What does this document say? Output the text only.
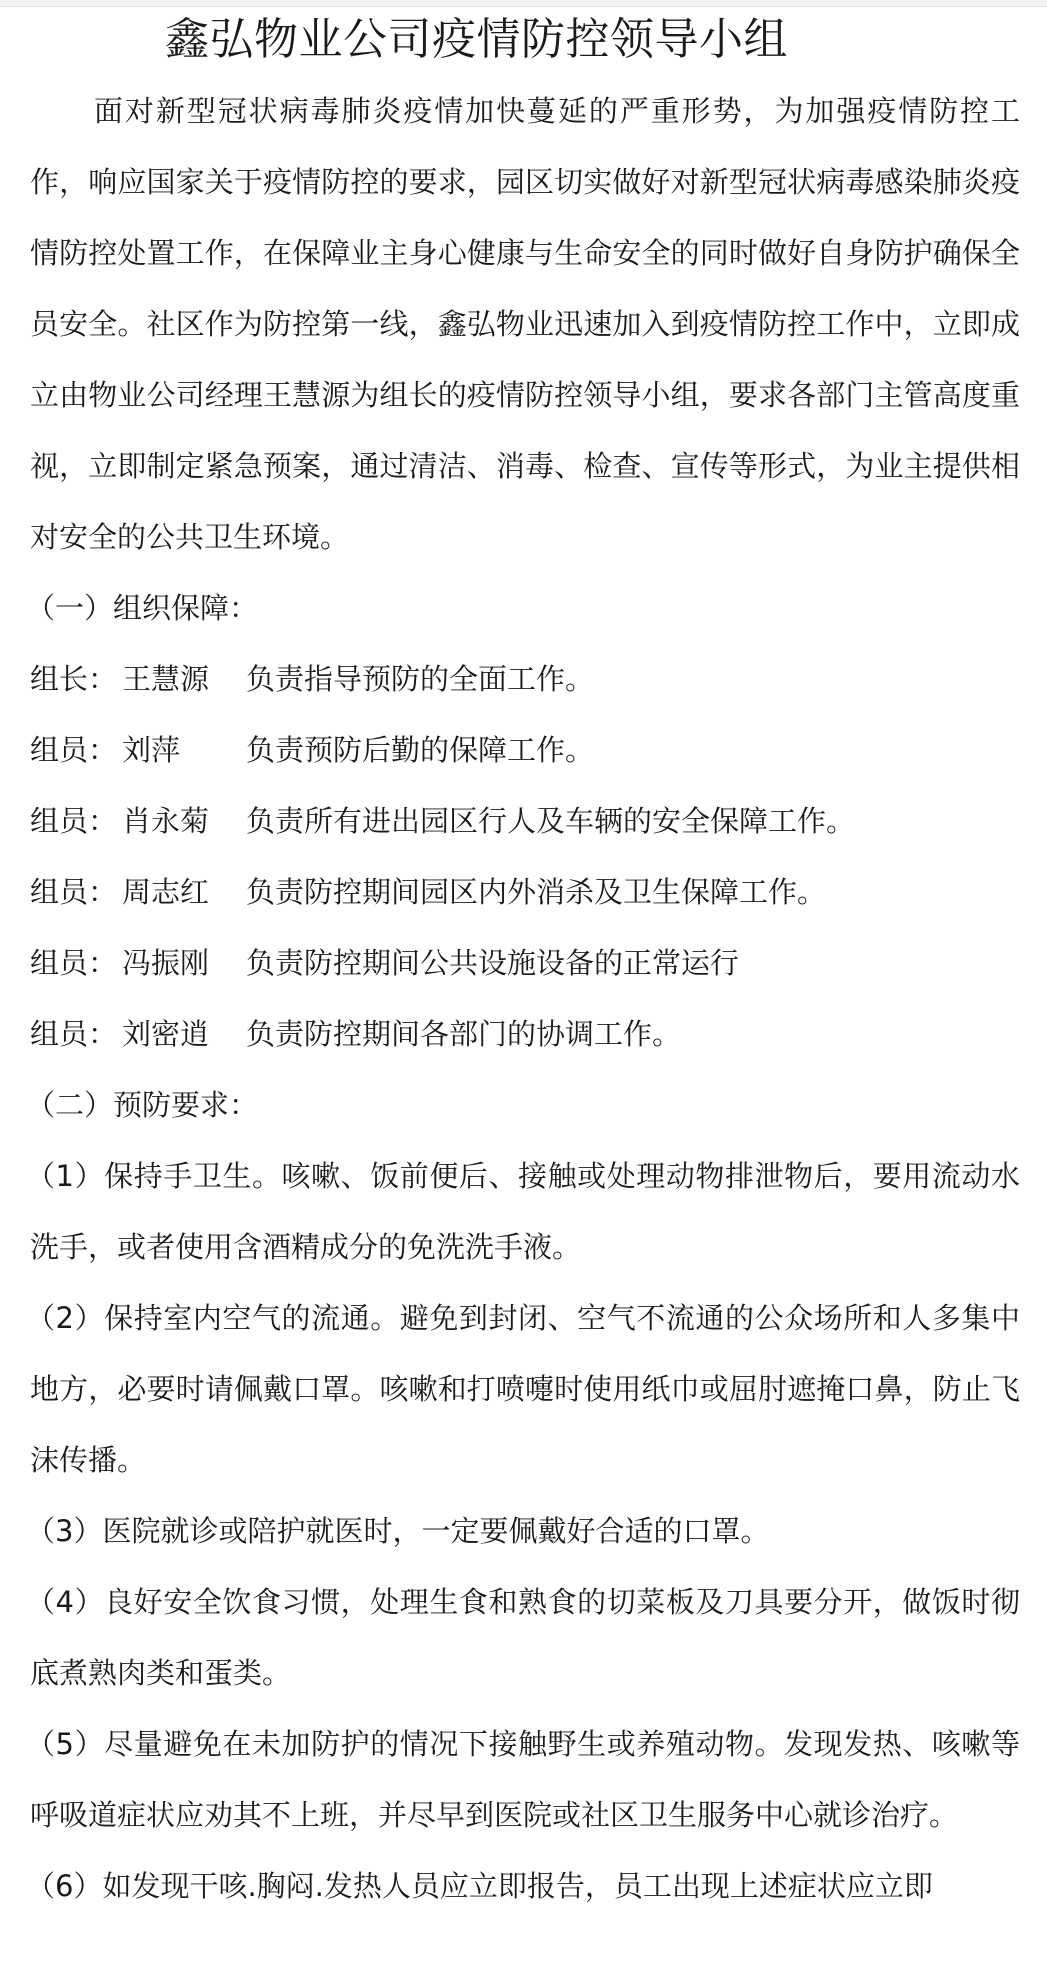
鑫弘物业公司疫情防控领导小组

面对新型冠状病毒肺炎疫情加快蔓延的严重形势，为加强疫情防控工作，响应国家关于疫情防控的要求，园区切实做好对新型冠状病毒感染肺炎疫情防控处置工作，在保障业主身心健康与生命安全的同时做好自身防护确保全员安全。社区作为防控第一线，鑫弘物业迅速加入到疫情防控工作中，立即成立由物业公司经理王慧源为组长的疫情防控领导小组，要求各部门主管高度重视，立即制定紧急预案，通过清洁、消毒、检查、宣传等形式，为业主提供相对安全的公共卫生环境。

（一）组织保障：
组长： 王慧源	负责指导预防的全面工作。
组员： 刘萍	负责预防后勤的保障工作。
组员： 肖永菊	负责所有进出园区行人及车辆的安全保障工作。
组员： 周志红	负责防控期间园区内外消杀及卫生保障工作。
组员： 冯振刚	负责防控期间公共设施设备的正常运行
组员： 刘密逍	负责防控期间各部门的协调工作。
（二）预防要求：

（1）保持手卫生。咳嗽、饭前便后、接触或处理动物排泄物后，要用流动水洗手，或者使用含酒精成分的免洗洗手液。

（2）保持室内空气的流通。避免到封闭、空气不流通的公众场所和人多集中地方，必要时请佩戴口罩。咳嗽和打喷嚏时使用纸巾或屈肘遮掩口鼻，防止飞沫传播。

（3）医院就诊或陪护就医时，一定要佩戴好合适的口罩。

（4）良好安全饮食习惯，处理生食和熟食的切菜板及刀具要分开，做饭时彻底煮熟肉类和蛋类。

（5）尽量避免在未加防护的情况下接触野生或养殖动物。发现发热、咳嗽等呼吸道症状应劝其不上班，并尽早到医院或社区卫生服务中心就诊治疗。

（6）如发现干咳.胸闷.发热人员应立即报告，员工出现上述症状应立即
